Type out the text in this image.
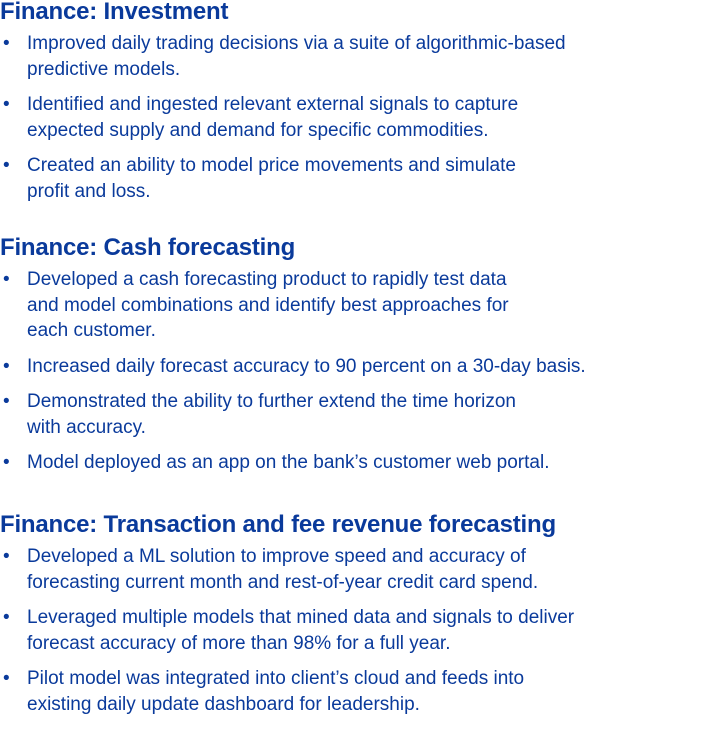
Finance: Investment
• Improved daily trading decisions via a suite of algorithmic-based
predictive models.
• Identified and ingested relevant external signals to capture
expected supply and demand for specific commodities.
• Created an ability to model price movements and simulate
profit and loss.
Finance: Cash forecasting
• Developed a cash forecasting product to rapidly test data
and model combinations and identify best approaches for
each customer.
• Increased daily forecast accuracy to 90 percent on a 30-day basis.
• Demonstrated the ability to further extend the time horizon
with accuracy.
• Model deployed as an app on the bank’s customer web portal.
Finance: Transaction and fee revenue forecasting
• Developed a ML solution to improve speed and accuracy of
forecasting current month and rest-of-year credit card spend.
• Leveraged multiple models that mined data and signals to deliver
forecast accuracy of more than 98% for a full year.
• Pilot model was integrated into client’s cloud and feeds into
existing daily update dashboard for leadership.
